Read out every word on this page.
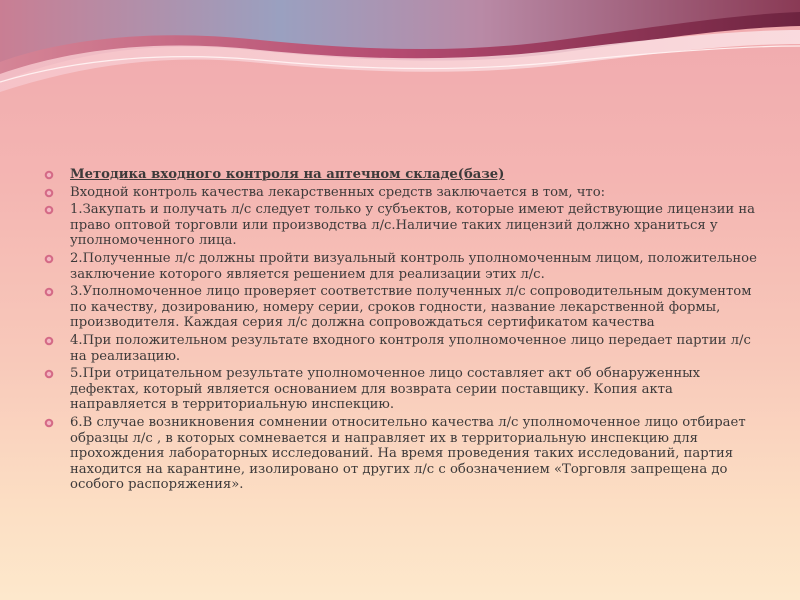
Методика входного контроля на аптечном складе(базе)
Входной контроль качества лекарственных средств заключается в том, что:
1.Закупать и получать л/с следует только у субъектов, которые имеют действующие лицензии на право оптовой торговли или производства л/с.Наличие таких лицензий должно храниться у уполномоченного лица.
2.Полученные л/с должны пройти визуальный контроль уполномоченным лицом, положительное заключение которого является решением для реализации этих л/с.
3.Уполномоченное лицо проверяет соответствие полученных л/с сопроводительным документом по качеству, дозированию, номеру серии, сроков годности, название лекарственной формы, производителя. Каждая серия л/с должна сопровождаться сертификатом качества
4.При положительном результате входного контроля уполномоченное лицо передает партии л/с на реализацию.
5.При отрицательном результате уполномоченное лицо составляет акт об обнаруженных дефектах, который является основанием для возврата серии поставщику. Копия акта направляется в территориальную инспекцию.
6.В случае возникновения сомнении относительно качества л/с уполномоченное лицо отбирает образцы л/с , в которых сомневается и направляет их в территориальную инспекцию для прохождения лабораторных исследований. На время проведения таких исследований, партия находится на карантине, изолировано от других л/с с обозначением «Торговля запрещена до особого распоряжения».
